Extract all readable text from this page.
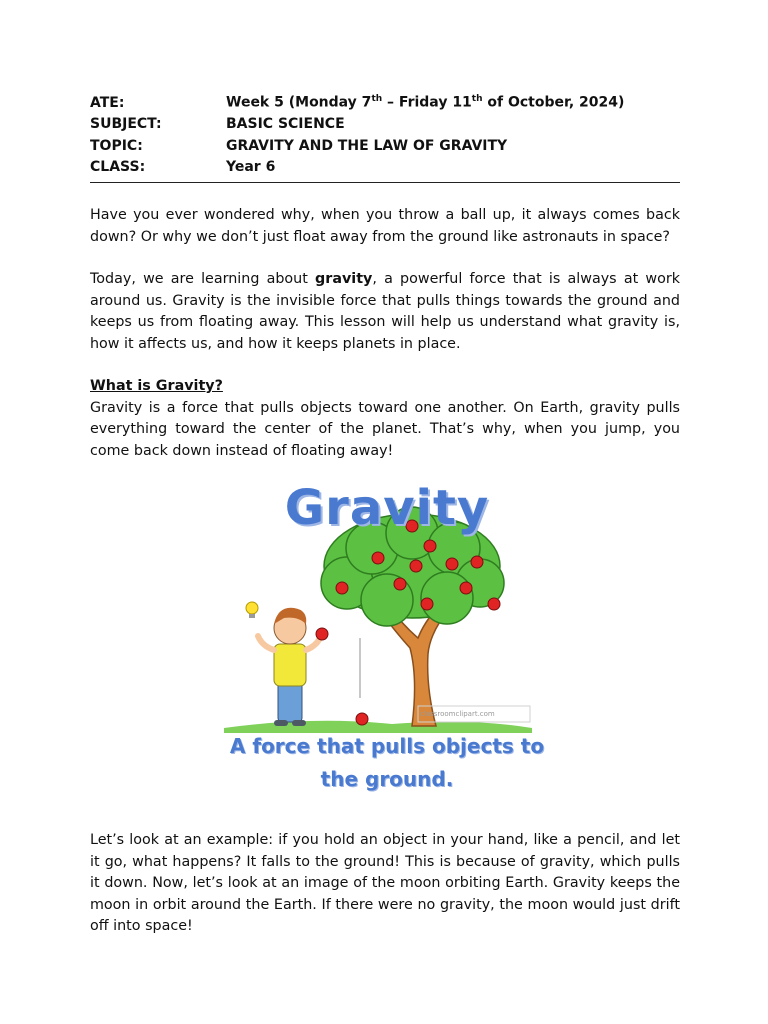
ATE:	Week 5 (Monday 7th – Friday 11th of October, 2024)
SUBJECT:	BASIC SCIENCE
TOPIC:	GRAVITY AND THE LAW OF GRAVITY
CLASS:	Year 6

Have you ever wondered why, when you throw a ball up, it always comes back down? Or why we don’t just float away from the ground like astronauts in space?

Today, we are learning about gravity, a powerful force that is always at work around us. Gravity is the invisible force that pulls things towards the ground and keeps us from floating away. This lesson will help us understand what gravity is, how it affects us, and how it keeps planets in place.

What is Gravity?

Gravity is a force that pulls objects toward one another. On Earth, gravity pulls everything toward the center of the planet. That’s why, when you jump, you come back down instead of floating away!

Gravity
classroomclipart.com
A force that pulls objects to
the ground.

Let’s look at an example: if you hold an object in your hand, like a pencil, and let it go, what happens? It falls to the ground! This is because of gravity, which pulls it down. Now, let’s look at an image of the moon orbiting Earth. Gravity keeps the moon in orbit around the Earth. If there were no gravity, the moon would just drift off into space!
